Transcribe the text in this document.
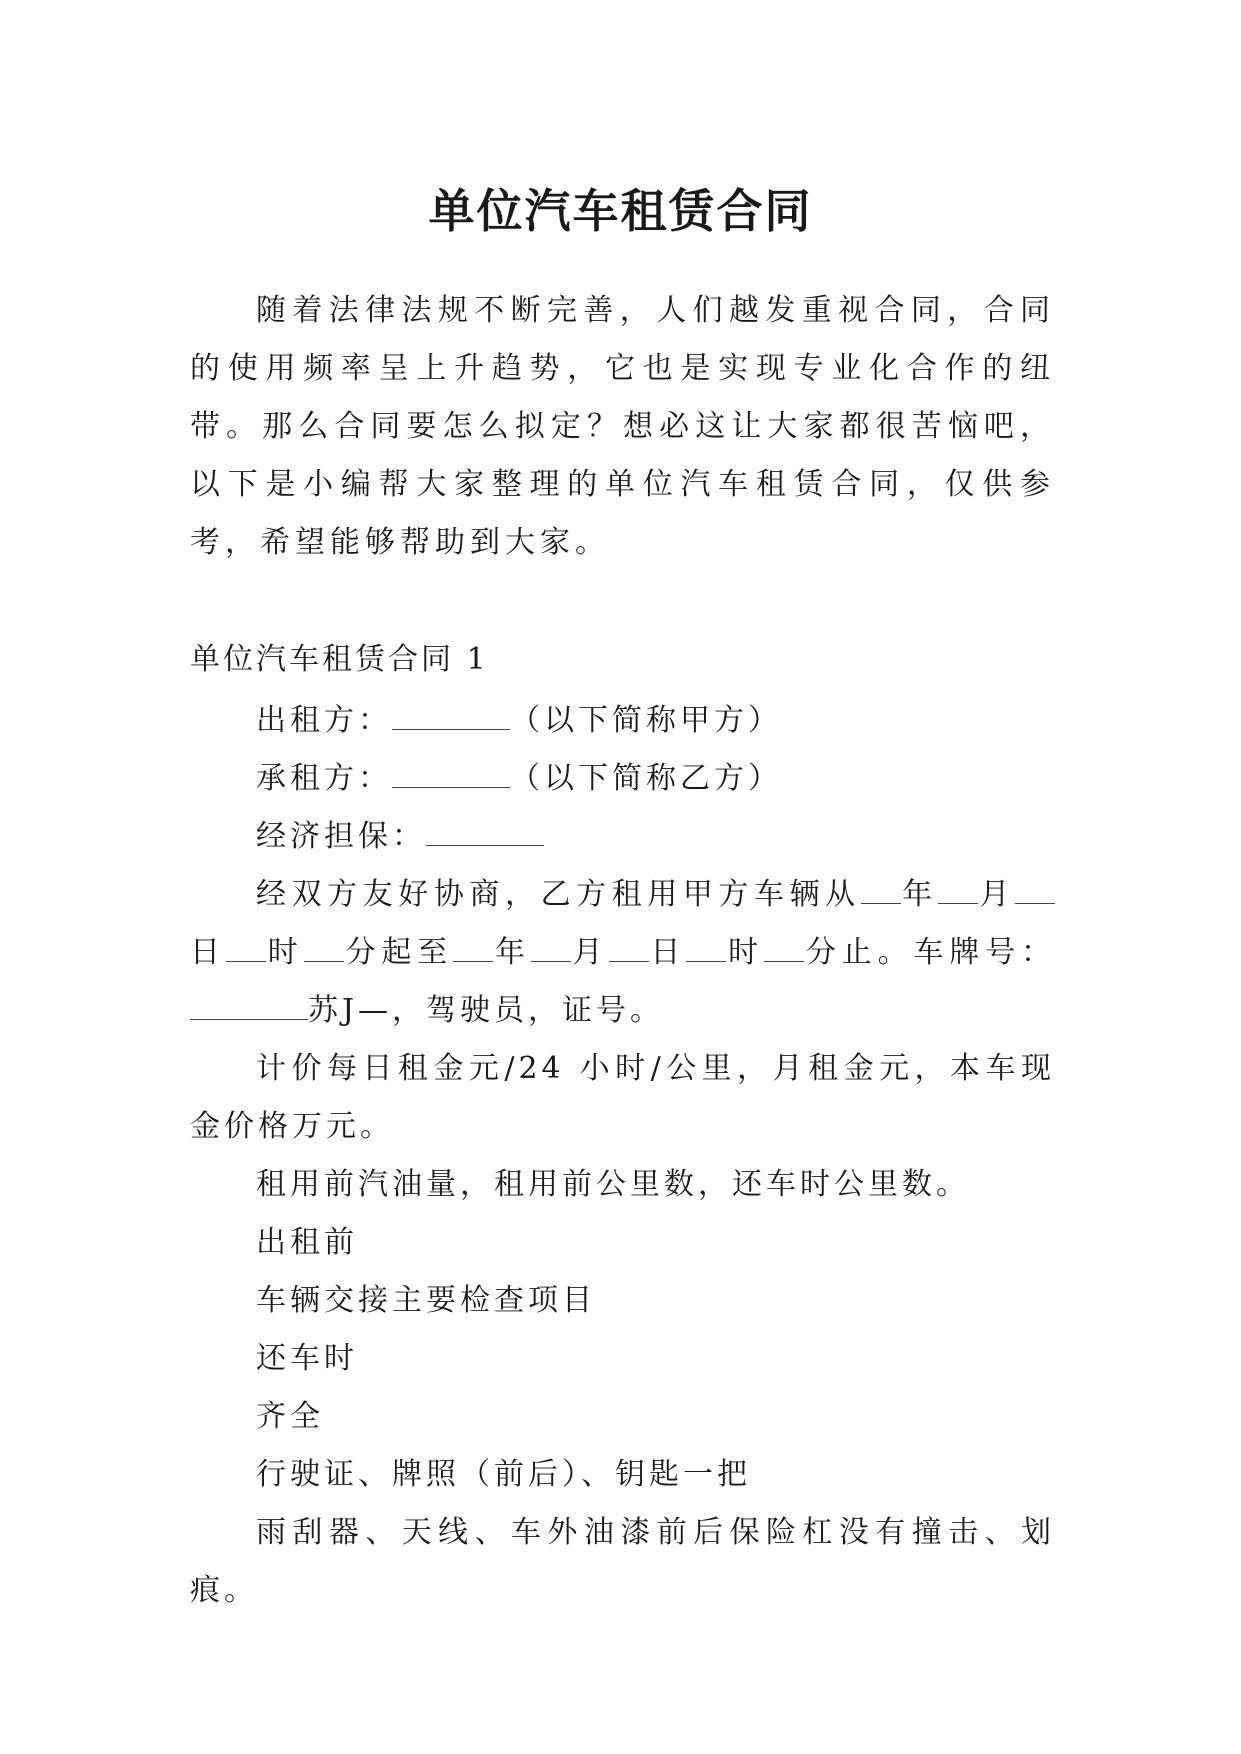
单位汽车租赁合同

随着法律法规不断完善，人们越发重视合同，合同的使用频率呈上升趋势，它也是实现专业化合作的纽带。那么合同要怎么拟定？想必这让大家都很苦恼吧，以下是小编帮大家整理的单位汽车租赁合同，仅供参考，希望能够帮助到大家。

单位汽车租赁合同 1

出租方：	（以下简称甲方）

承租方：	（以下简称乙方）

经济担保：

经双方友好协商，乙方租用甲方车辆从 年 月日 时 分起至 年 月 日 时 分止。车牌号：苏J—，驾驶员，证号。

计价每日租金元/24 小时/公里，月租金元，本车现金价格万元。

租用前汽油量，租用前公里数，还车时公里数。

出租前

车辆交接主要检查项目

还车时

齐全

行驶证、牌照（前后）、钥匙一把

雨刮器、天线、车外油漆前后保险杠没有撞击、划痕。
